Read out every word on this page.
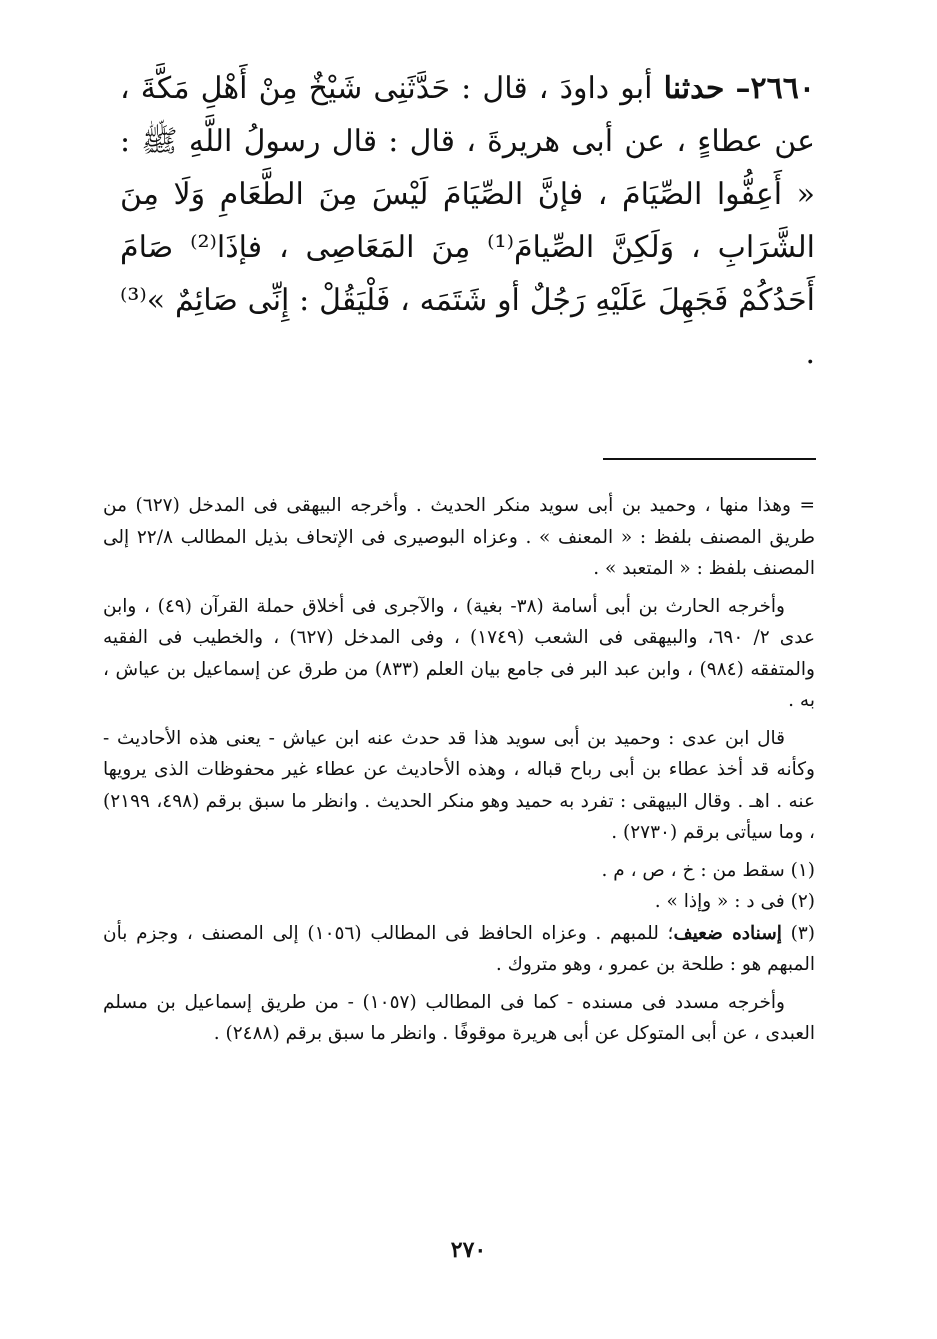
٢٦٦٠– حدثنا أبو داودَ ، قال : حَدَّثَنِى شَيْخٌ مِنْ أَهْلِ مَكَّةَ ، عن عطاءٍ ، عن أبى هريرةَ ، قال : قال رسولُ اللَّهِ ﷺ : « أَعِفُّوا الصِّيَامَ ، فإنَّ الصِّيَامَ لَيْسَ مِنَ الطَّعَامِ وَلَا مِنَ الشَّرَابِ ، وَلَكِنَّ الصِّيامَ⁽¹⁾ مِنَ المَعَاصِى ، فإذَا⁽²⁾ صَامَ أَحَدُكُمْ فَجَهِلَ عَلَيْهِ رَجُلٌ أو شَتَمَه ، فَلْيَقُلْ : إِنِّى صَائِمٌ »⁽³⁾ .

= وهذا منها ، وحميد بن أبى سويد منكر الحديث . وأخرجه البيهقى فى المدخل (٦٢٧) من طريق المصنف بلفظ : « المعنف » . وعزاه البوصيرى فى الإتحاف بذيل المطالب ٢٢/٨ إلى المصنف بلفظ : « المتعبد » .

وأخرجه الحارث بن أبى أسامة (٣٨- بغية) ، والآجرى فى أخلاق حملة القرآن (٤٩) ، وابن عدى ٢/ ٦٩٠، والبيهقى فى الشعب (١٧٤٩) ، وفى المدخل (٦٢٧) ، والخطيب فى الفقيه والمتفقه (٩٨٤) ، وابن عبد البر فى جامع بيان العلم (٨٣٣) من طرق عن إسماعيل بن عياش ، به .

قال ابن عدى : وحميد بن أبى سويد هذا قد حدث عنه ابن عياش - يعنى هذه الأحاديث - وكأنه قد أخذ عطاء بن أبى رباح قباله ، وهذه الأحاديث عن عطاء غير محفوظات الذى يرويها عنه . اهـ . وقال البيهقى : تفرد به حميد وهو منكر الحديث . وانظر ما سبق برقم (٤٩٨، ٢١٩٩) ، وما سيأتى برقم (٢٧٣٠) .

(١) سقط من : خ ، ص ، م .

(٢) فى د : « وإذا » .

(٣) إسناده ضعيف؛ للمبهم . وعزاه الحافظ فى المطالب (١٠٥٦) إلى المصنف ، وجزم بأن المبهم هو : طلحة بن عمرو ، وهو متروك .

وأخرجه مسدد فى مسنده - كما فى المطالب (١٠٥٧) - من طريق إسماعيل بن مسلم العبدى ، عن أبى المتوكل عن أبى هريرة موقوفًا . وانظر ما سبق برقم (٢٤٨٨) .

٢٧٠
